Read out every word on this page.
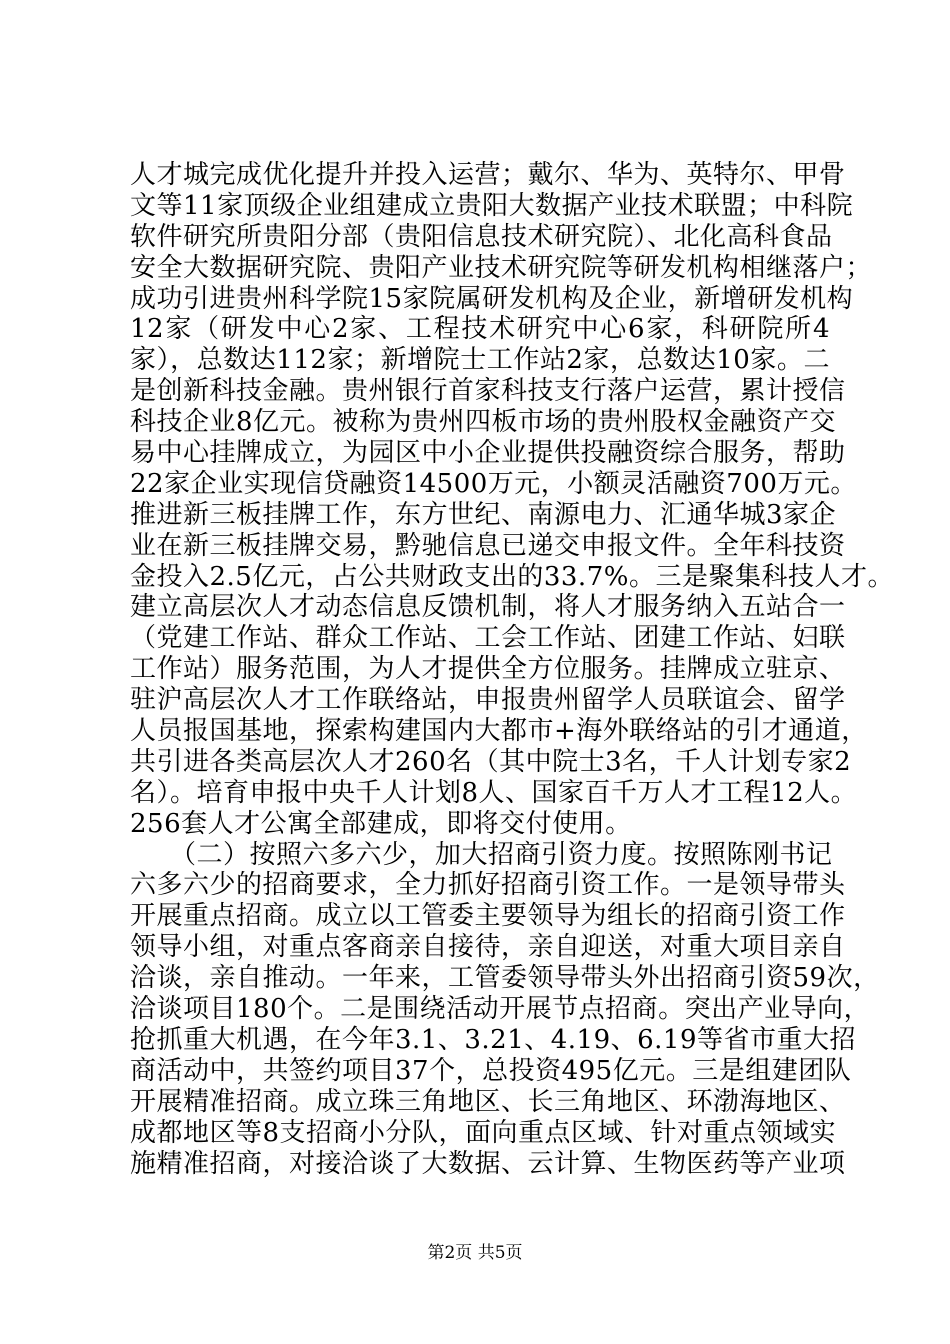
人才城完成优化提升并投入运营；戴尔、华为、英特尔、甲骨
文等11家顶级企业组建成立贵阳大数据产业技术联盟；中科院
软件研究所贵阳分部（贵阳信息技术研究院）、北化高科食品
安全大数据研究院、贵阳产业技术研究院等研发机构相继落户；
成功引进贵州科学院15家院属研发机构及企业，新增研发机构
12家（研发中心2家、工程技术研究中心6家，科研院所4
家），总数达112家；新增院士工作站2家，总数达10家。二
是创新科技金融。贵州银行首家科技支行落户运营，累计授信
科技企业8亿元。被称为贵州四板市场的贵州股权金融资产交
易中心挂牌成立，为园区中小企业提供投融资综合服务，帮助
22家企业实现信贷融资14500万元，小额灵活融资700万元。
推进新三板挂牌工作，东方世纪、南源电力、汇通华城3家企
业在新三板挂牌交易，黔驰信息已递交申报文件。全年科技资
金投入2.5亿元，占公共财政支出的33.7%。三是聚集科技人才。
建立高层次人才动态信息反馈机制，将人才服务纳入五站合一
（党建工作站、群众工作站、工会工作站、团建工作站、妇联
工作站）服务范围，为人才提供全方位服务。挂牌成立驻京、
驻沪高层次人才工作联络站，申报贵州留学人员联谊会、留学
人员报国基地，探索构建国内大都市+海外联络站的引才通道，
共引进各类高层次人才260名（其中院士3名，千人计划专家2
名）。培育申报中央千人计划8人、国家百千万人才工程12人。
256套人才公寓全部建成，即将交付使用。
　　（二）按照六多六少，加大招商引资力度。按照陈刚书记
六多六少的招商要求，全力抓好招商引资工作。一是领导带头
开展重点招商。成立以工管委主要领导为组长的招商引资工作
领导小组，对重点客商亲自接待，亲自迎送，对重大项目亲自
洽谈，亲自推动。一年来，工管委领导带头外出招商引资59次，
洽谈项目180个。二是围绕活动开展节点招商。突出产业导向，
抢抓重大机遇，在今年3.1、3.21、4.19、6.19等省市重大招
商活动中，共签约项目37个，总投资495亿元。三是组建团队
开展精准招商。成立珠三角地区、长三角地区、环渤海地区、
成都地区等8支招商小分队，面向重点区域、针对重点领域实
施精准招商，对接洽谈了大数据、云计算、生物医药等产业项
第2页 共5页
